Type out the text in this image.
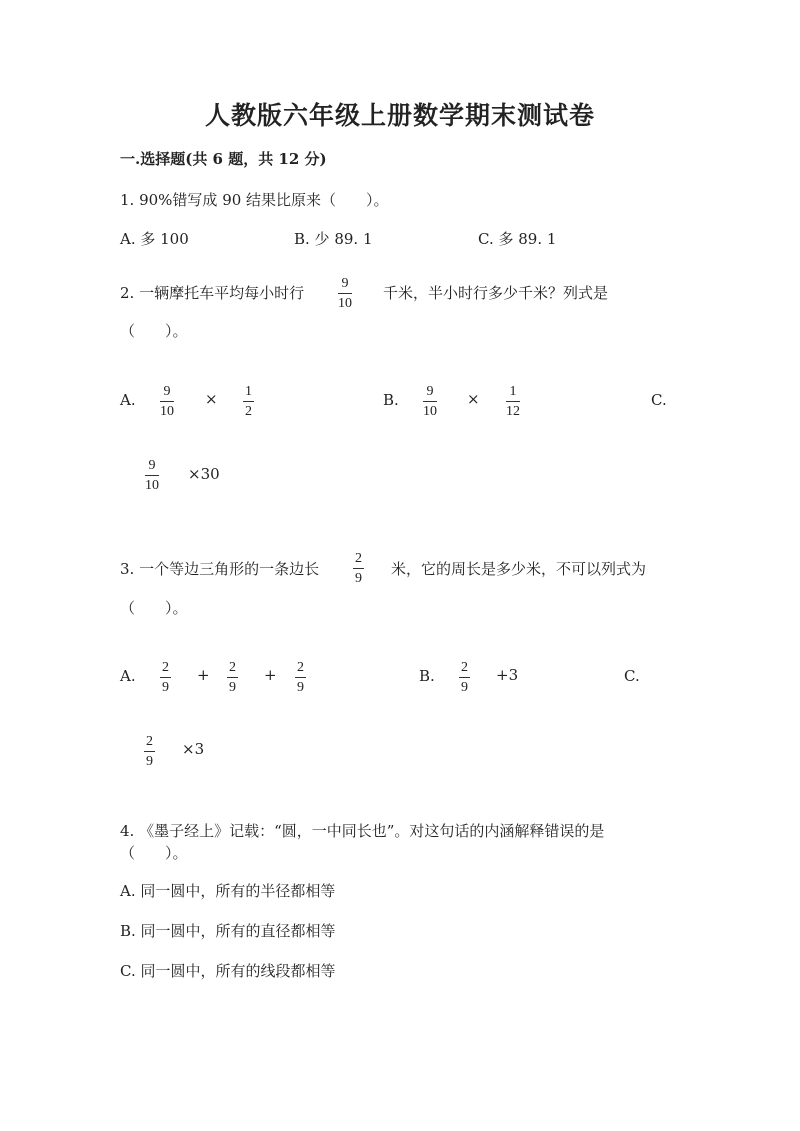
人教版六年级上册数学期末测试卷
一.选择题(共 6 题，共 12 分)
1. 90%错写成 90 结果比原来（　　）。
A. 多 100	B. 少 89. 1	C. 多 89. 1
2. 一辆摩托车平均每小时行
9
10
千米，半小时行多少千米？列式是
（　　）。
A. 9
10
× 1
2
B. 9
10
× 1
12
C.
9
10
×30
3. 一个等边三角形的一条边长
2
9
米，它的周长是多少米，不可以列式为
（　　）。
A. 2
9
+ 2
9
+ 2
9
B. 2
9
+3	C.
2
9
×3
4. 《墨子经上》记载：“圆，一中同长也”。对这句话的内涵解释错误的是
（　　）。
A. 同一圆中，所有的半径都相等
B. 同一圆中，所有的直径都相等
C. 同一圆中，所有的线段都相等
